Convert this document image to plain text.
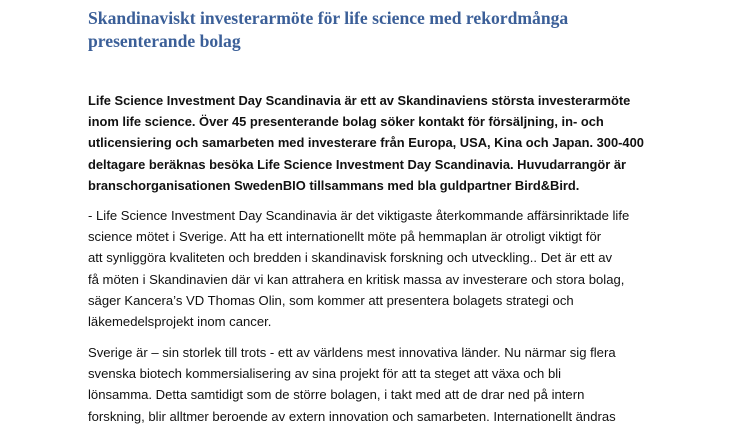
Skandinaviskt investerarmöte för life science med rekordmånga
presenterande bolag

Life Science Investment Day Scandinavia är ett av Skandinaviens största investerarmöte
inom life science. Över 45 presenterande bolag söker kontakt för försäljning, in- och
utlicensiering och samarbeten med investerare från Europa, USA, Kina och Japan. 300-400
deltagare beräknas besöka Life Science Investment Day Scandinavia. Huvudarrangör är
branschorganisationen SwedenBIO tillsammans med bla guldpartner Bird&Bird.

- Life Science Investment Day Scandinavia är det viktigaste återkommande affärsinriktade life
science mötet i Sverige. Att ha ett internationellt möte på hemmaplan är otroligt viktigt för
att synliggöra kvaliteten och bredden i skandinavisk forskning och utveckling.. Det är ett av
få möten i Skandinavien där vi kan attrahera en kritisk massa av investerare och stora bolag,
säger Kancera’s VD Thomas Olin, som kommer att presentera bolagets strategi och
läkemedelsprojekt inom cancer.

Sverige är – sin storlek till trots - ett av världens mest innovativa länder. Nu närmar sig flera
svenska biotech kommersialisering av sina projekt för att ta steget att växa och bli
lönsamma. Detta samtidigt som de större bolagen, i takt med att de drar ned på intern
forskning, blir alltmer beroende av extern innovation och samarbeten. Internationellt ändras
